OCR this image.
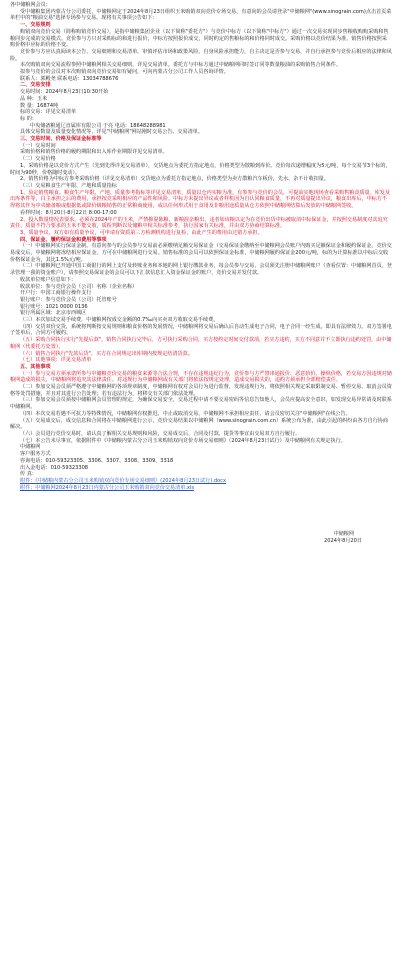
各中储粮网会员：

受中储粮集团内蒙古分公司委托，中储粮网定于2024年8月23日组织玉米购销双向竞价专场交易，有意向的会员请登录"中储粮网"(www.sinograin.com)点击首页菜单栏中的"粮油交易"选择专场参与交易。现将有关事项公告如下：

一、交易规则

购销双向竞价交易（简称购销竞价交易），是指中储粮集团企业（以下简称"委托方"）与竞价中标方（以下简称"中标方"）通过一次交易实现同步售粮收购购采购和售粮同步完成的交易模式。竞价参与方只对采购标的和进行报价，中标方按照报价成交，同时约定的售粮标的和价格同时成交。采购价格以竞价结果为准，销售价格按照采购价格中应标的价格不变。

竞价参与方应认真阅读本公告、交易细则和交易清单，审慎评估市场和政策风险，自身风险承担能力，自主决定是否参与交易，并自行承担参与竞价后相应的法律和风险。

本次购销双向交易流程参照中储粮网相关交易细则，详见交易清单。委托方与中标方通过中储粮网同时签订同等数量粮油的采购销售合同条件。

拟参与竞价的会员对本次购销双向竞价交易如有疑问，可向内蒙古分公司工作人员咨询详情。

联系人：郭殿尧 联系电话：13034788676

二、交易安排

交易时间：2024年8月23日10:30开始

品 种：玉米

数 量：16874吨

标的交易：详见交易清单

标 的：

中央储备粮通辽直属库有限公司 于亮 电话：18648288981

具体交易数量及质量变化情况等，详见"中储粮网"网站刚时交易公告、交易清单。

三、交易时间、价格及保证金标准等

（一）交易时间

采购价格和销售价格的履约期限和出入库作业期限详见交易清单。

（二）交易价格

1、采购价格是以竞价方式产生（先到先得详见交易清单），交货地点为委托方指定地点，价格类型为散粮到库价。竞价每次递增幅度为5元/吨，每个交易节3个标的，时间为90秒，价格随时变动）。

2、销售价格为中标方参考采购价格（详见交易清单）交货地点为委托方指定地点，价格类型为卖方散粮汽车板价，先水、杂不计收扣量。

（三）交易粮食生产年限、产地和质量指标

1、验定销售粮食。粮食生产年限、产地、质量参考指标等详见交易清单，质量以仓内实粮为准。有参参与竞价的会员，可提前实地现场查看采购售粮食质量。库发及出库条件等，白主承担之后的费用，承担按竞采明相应的产品性和风险。中标方未提出异议或者样机因为自认同粮食质量，不再对质量提出异议，粮食出库后，中标方不得将其作为中央储备粮或根据低或降价级粮销售的正常粮商使用，或以任何形式用于食用及非粮用途质量从仓方依照中储粮网结算后发放的中储粮网签收。

看样时间：8月20日-8月22日 8:00-17:00

2、投入数量情况表要求。必须在2024年产的玉米，严禁掺混陈粮、新粮混杂粮出，违者如该粮以定为在竞价出货中标被取消中标保证金，并按照交易制度对其追究责任，质量不符合要求的玉米不能交收，质检判断以及储粮中相关标准参考，执行国家有关标准，并由双方协商结算标准。

3、质量争议，双方如有质量争议，可申请有资质第三方检测机构进行复检，由此产生的费用由过错方承担。

四、保证金、履约保证金和费用等事项

（一）中储粮网实行保证金制。有意向参与的会员参与交易前必须缴纳足额交易保证金（交易保证金缴纳至中储粮网会员账户内购买足额保证金和履约保证金。竞价交易成交后，中储粮网将冻结相应保证金。方可在中储粮网进行交易。销售标准的会员可以依照保证金标准，中储粮网履约保证金200元/吨，标的为计算标准以中标后交收价格保证金为，其比1.5%元/吨。

（二）中储粮网已开通中国工商银行的网上支付及转账业务和本地的网上银行缴款业务，每会员参与交易，会员须先注册中储粮网账户（查看位置：中储粮网首页，登录管理一我的资金账户），请参照交易保证金的会员可以下汇款信息汇入资金保证金的账户，竞价交易并发付款。

收款单位账户信息如下：

收款单位：参与竞价会员（公司）名称（企业名称）

开户行：中国工商银行操作支行

银行账户：参与竞价会员（公司）托管账号

银行账号：1021 0000 0136

银行所属区域：北京市西城区

（三）本次加试交易手续费，中储粮网按成交金额的0.7‰向买卖双方收取交易手续费。

（四）交货双价交货，系统将判断按交易规则和粮食价格的发展情况，中储粮网将交易后确认后自动生成电子合同，电子合同一经生成，即具有法律效力。双方签署电子签单后，合同方可履约。

（五）采购合同执行实行"先提后款"。销售合同执行完毕后，方可执行采购合同，买方按约定时间交付款项，若买方违约，买方不同意并不立即执行违约处罚，由中储粮网（代委托方处置）。

（六）销售合同执行"先款后货"。买方在合同规定出库期内按规定结清货款。

（七）其他事项：详见交易清单

五、其他事项

（一）参与交易方须承诺所参与中储粮竞价交易的粮食来源等合法合规，不存在违规违纪行为，竞价参与方严禁串通报价、恶意抬价、操纵价格，若交易方因违规对储粮网造成的损失，中储粮网将追究其法律责任。对违规行为中储粮网或有关部门将依法按规定处理，造成交易损失的，违约方须承担全部赔偿责任。

（二）参加交易会员须严格遵守中储粮网的各项规章制度，中储粮网有权对会员行为进行监督，发现违规行为，将依照相关规定采取限制交易、暂停交易、取消会员资格等处罚措施，并且对其进行公告处理；若有违法行为，将移交有关部门依法处理。

（三）参加交易会员须按中储粮网会员管理的规定，为确保交易安全，交易过程中请不要交易密码等信息告知他人，会员应提高安全意识，如发现交易异常请及时联系中储粮网。

（四）本次交易若遇不可抗力等特殊情况，中储粮网有权推迟、中止或取消交易，中储粮网不承担相应责任，请会员密切关注"中储粮网"在线公告。

（五）交易成交后，成交信息和合同将在中储粮网进行公示，竞价交易结果以中储粮网（www.sinograin.com.cn）系统公布为准，由此引起的纠纷由各方自行协商解决。

（六）会员进行竞价交易时，请认真了解相关交易规则和风险，交易成交后，合同及付款、提货等事宜由交易双方自行履行。

（七）本公告未尽事宜，依据附件中《中储粮内蒙古分公司玉米购销双向竞价专场交易细则》（2024年8月23日试行）及中储粮网有关规定执行。

中储粮网

客户服务方式

咨询电话：010-59323305、3306、3307、3308、3309、3318

出入金电话：010-59323308

传 真：

附件：《中储粮内蒙古分公司玉米购销双向竞价专场交易细则》(2024年8月23日试行).docx

附件：中储粮网2024年8月23日内蒙古分公司玉米购销双向竞价交易清单.xls

中储粮网

2024年8月20日
